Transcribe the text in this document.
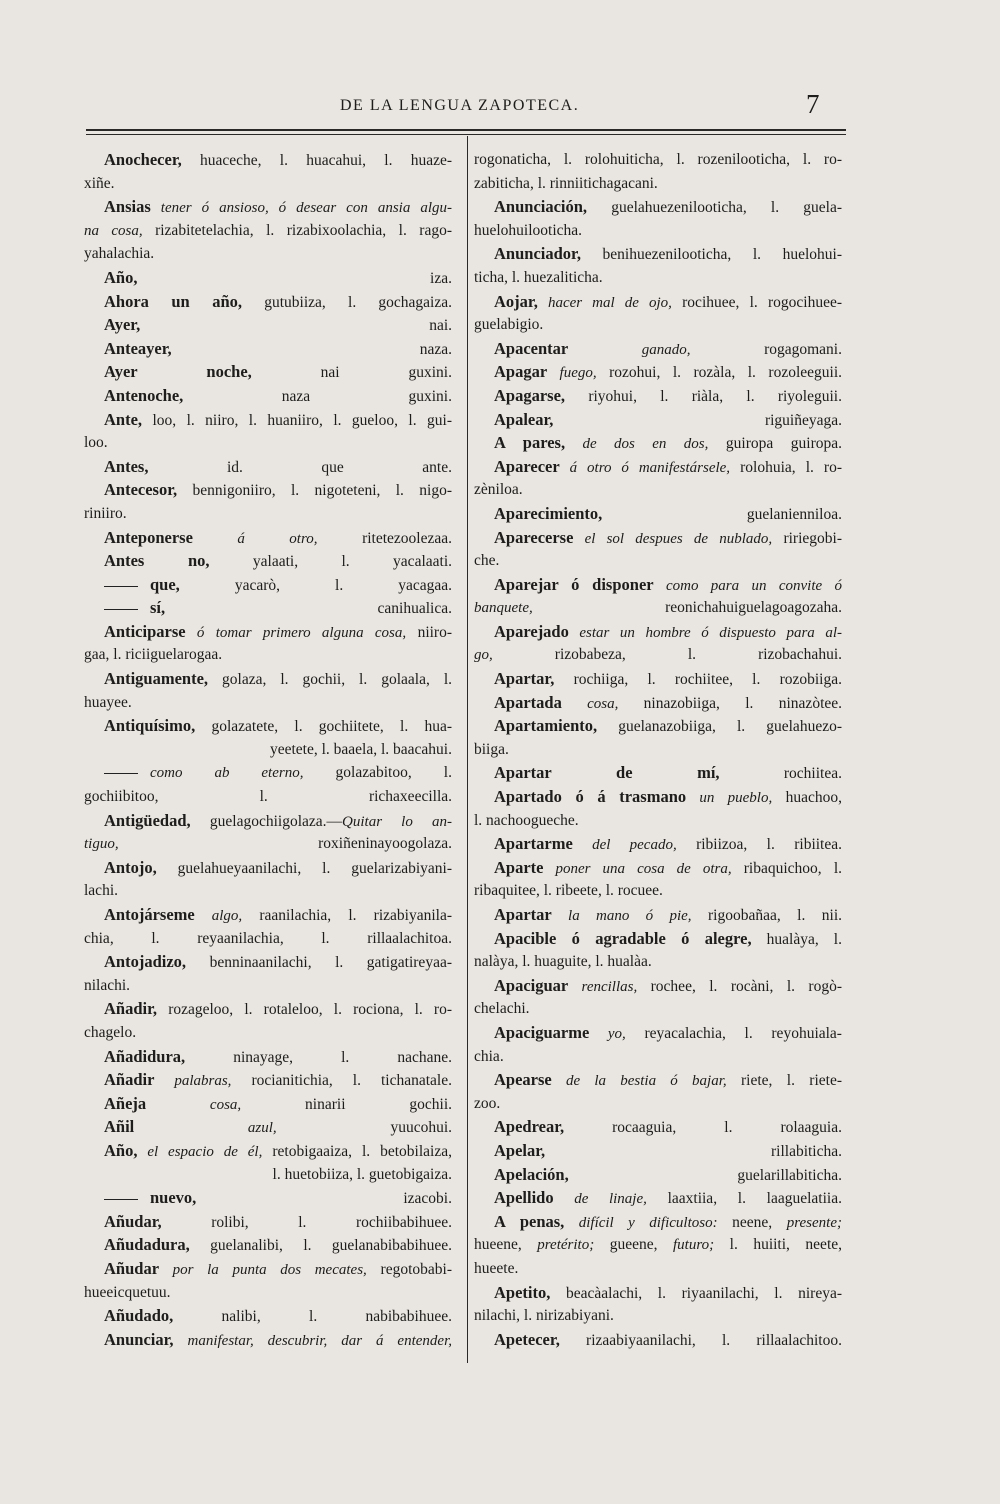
DE LA LENGUA ZAPOTECA.	7
Anochecer, huaceche, l. huacahui, l. huaze-
xiñe.
Ansias tener ó ansioso, ó desear con ansia algu-
na cosa, rizabitetelachia, l. rizabixoolachia, l. rago-
yahalachia.
Año, iza.
Ahora un año, gutubiiza, l. gochagaiza.
Ayer, nai.
Anteayer, naza.
Ayer noche, nai guxini.
Antenoche, naza guxini.
Ante, loo, l. niiro, l. huaniiro, l. gueloo, l. gui-
loo.
Antes, id. que ante.
Antecesor, bennigoniiro, l. nigoteteni, l. nigo-
riniiro.
Anteponerse á otro, ritetezoolezaa.
Antes no, yalaati, l. yacalaati.
que, yacarò, l. yacagaa.
sí, canihualica.
Anticiparse ó tomar primero alguna cosa, niiro-
gaa, l. riciiguelarogaa.
Antiguamente, golaza, l. gochii, l. golaala, l.
huayee.
Antiquísimo, golazatete, l. gochiitete, l. hua-
yeetete, l. baaela, l. baacahui.
como ab eterno, golazabitoo, l.
gochiibitoo, l. richaxeecilla.
Antigüedad, guelagochiigolaza.—Quitar lo an-
tiguo, roxiñeninayoogolaza.
Antojo, guelahueyaanilachi, l. guelarizabiyani-
lachi.
Antojárseme algo, raanilachia, l. rizabiyanila-
chia, l. reyaanilachia, l. rillaalachitoa.
Antojadizo, benninaanilachi, l. gatigatireyaa-
nilachi.
Añadir, rozageloo, l. rotaleloo, l. rociona, l. ro-
chagelo.
Añadidura, ninayage, l. nachane.
Añadir palabras, rocianitichia, l. tichanatale.
Añeja cosa, ninarii gochii.
Añil azul, yuucohui.
Año, el espacio de él, retobigaaiza, l. betobilaiza,
l. huetobiiza, l. guetobigaiza.
nuevo, izacobi.
Añudar, rolibi, l. rochiibabihuee.
Añudadura, guelanalibi, l. guelanabibabihuee.
Añudar por la punta dos mecates, regotobabi-
hueeicquetuu.
Añudado, nalibi, l. nabibabihuee.
Anunciar, manifestar, descubrir, dar á entender,
rogonaticha, l. rolohuiticha, l. rozenilooticha, l. ro-
zabiticha, l. rinniitichagacani.
Anunciación, guelahuezenilooticha, l. guela-
huelohuilooticha.
Anunciador, benihuezenilooticha, l. huelohui-
ticha, l. huezaliticha.
Aojar, hacer mal de ojo, rocihuee, l. rogocihuee-
guelabigio.
Apacentar ganado, rogagomani.
Apagar fuego, rozohui, l. rozàla, l. rozoleeguii.
Apagarse, riyohui, l. riàla, l. riyoleguii.
Apalear, riguiñeyaga.
A pares, de dos en dos, guiropa guiropa.
Aparecer á otro ó manifestársele, rolohuia, l. ro-
zèniloa.
Aparecimiento, guelaniennilоa.
Aparecerse el sol despues de nublado, ririegobi-
che.
Aparejar ó disponer como para un convite ó
banquete, reonichahuiguelagoagozaha.
Aparejado estar un hombre ó dispuesto para al-
go, rizobabeza, l. rizobachahui.
Apartar, rochiiga, l. rochiitee, l. rozobiiga.
Apartada cosa, ninazobiiga, l. ninazòtee.
Apartamiento, guelanazobiiga, l. guelahuezo-
biiga.
Apartar de mí, rochiitea.
Apartado ó á trasmano un pueblo, huachoo,
l. nachoogueche.
Apartarme del pecado, ribiizoa, l. ribiitea.
Aparte poner una cosa de otra, ribaquichoo, l.
ribaquitee, l. ribeete, l. rocuee.
Apartar la mano ó pie, rigoobañaa, l. nii.
Apacible ó agradable ó alegre, hualàya, l.
nalàya, l. huaguite, l. hualàa.
Apaciguar rencillas, rochee, l. rocàni, l. rogò-
chelachi.
Apaciguarme yo, reyacalachia, l. reyohuiala-
chia.
Apearse de la bestia ó bajar, riete, l. riete-
zoo.
Apedrear, rocaaguia, l. rolaaguia.
Apelar, rillabiticha.
Apelación, guelarillabiticha.
Apellido de linaje, laaxtiia, l. laaguelatiia.
A penas, difícil y dificultoso: neene, presente;
hueene, pretérito; gueene, futuro; l. huiiti, neete,
hueete.
Apetito, beacàalachi, l. riyaanilachi, l. nireya-
nilachi, l. nirizabiyani.
Apetecer, rizaabiyaanilachi, l. rillaalachitoo.
